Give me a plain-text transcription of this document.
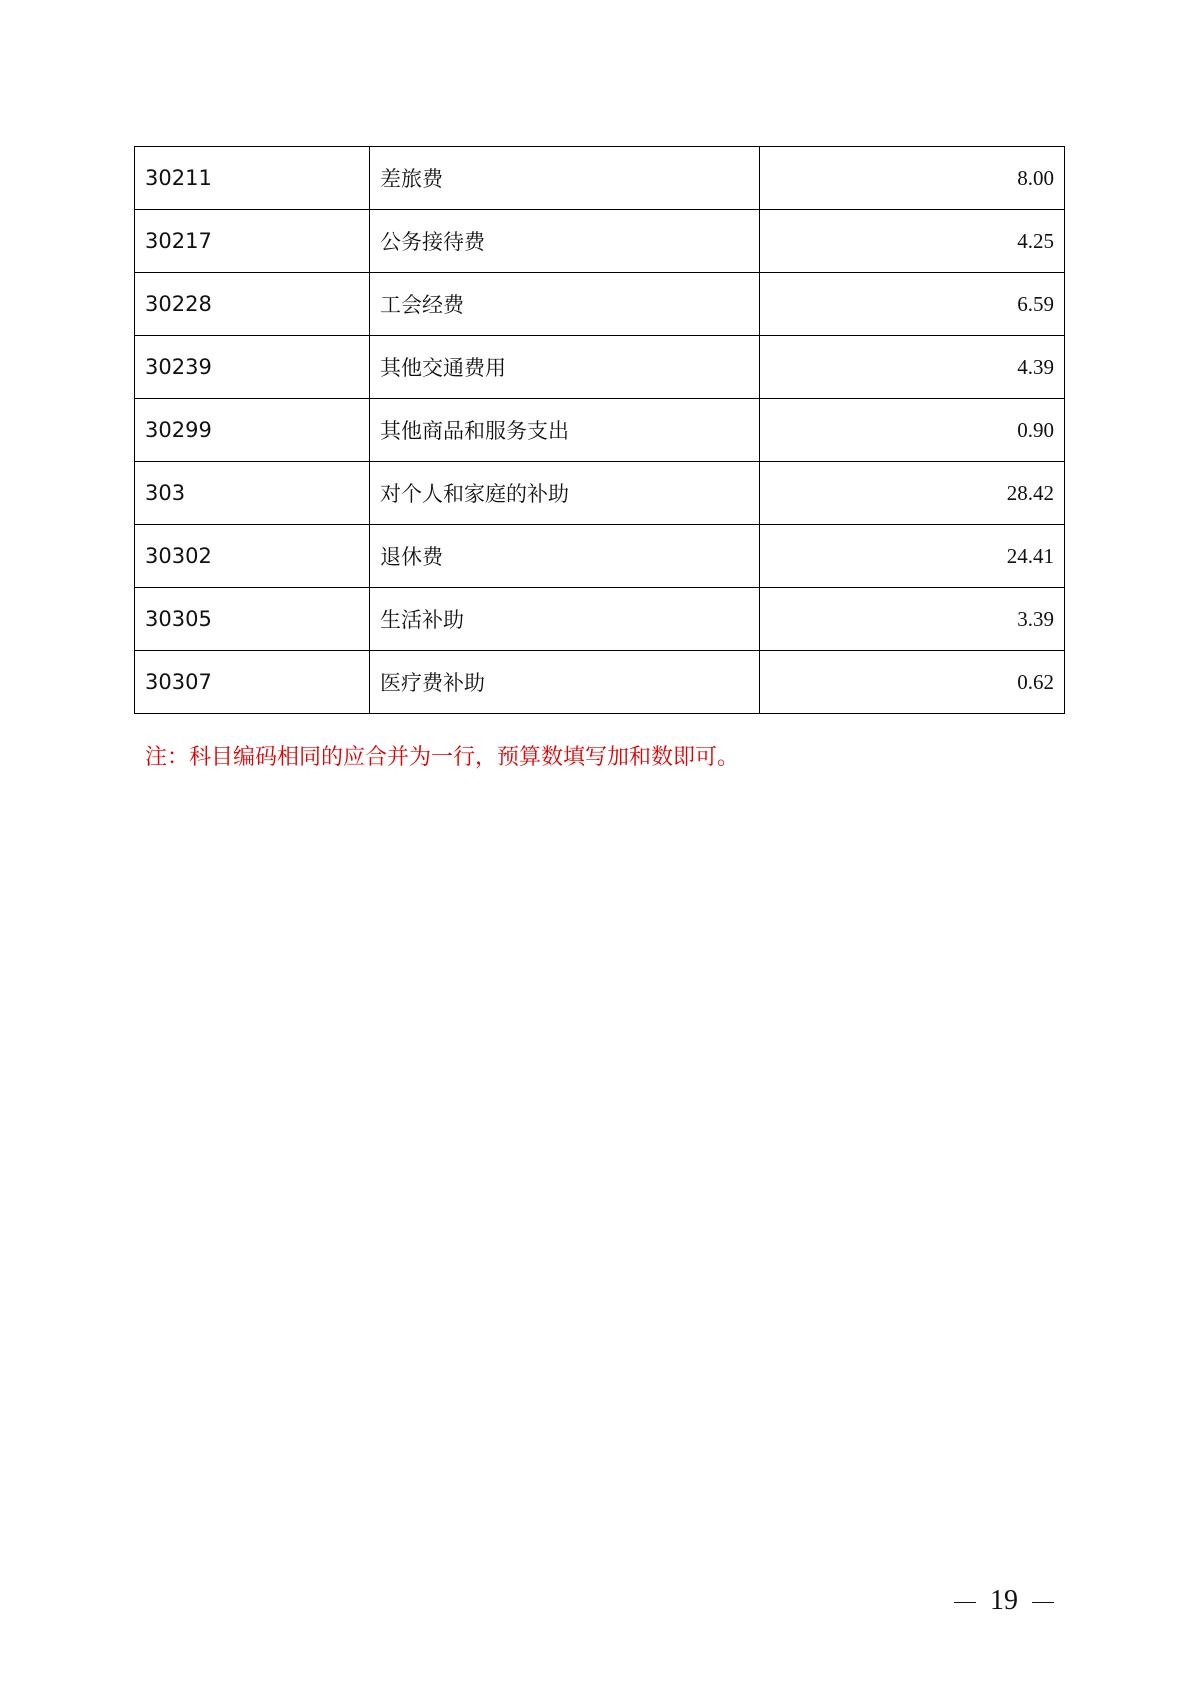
30211	差旅费	8.00
30217	公务接待费	4.25
30228	工会经费	6.59
30239	其他交通费用	4.39
30299	其他商品和服务支出	0.90
303	对个人和家庭的补助	28.42
30302	退休费	24.41
30305	生活补助	3.39
30307	医疗费补助	0.62
注：科目编码相同的应合并为一行，预算数填写加和数即可。
19
